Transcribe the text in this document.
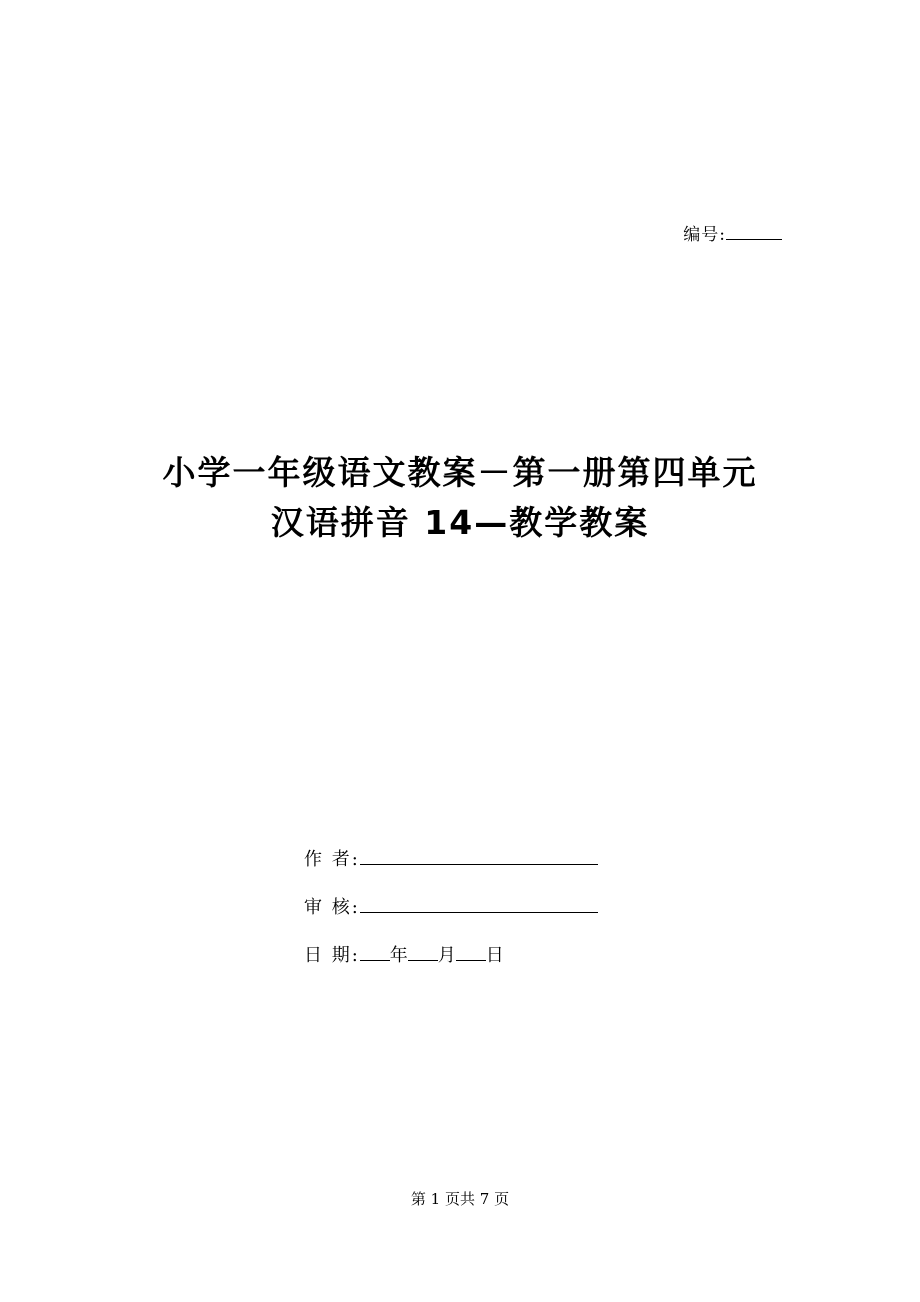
编号:
小学一年级语文教案－第一册第四单元
汉语拼音 14—教学教案
作 者:
审 核:
日 期: 年 月 日
第 1 页共 7 页
